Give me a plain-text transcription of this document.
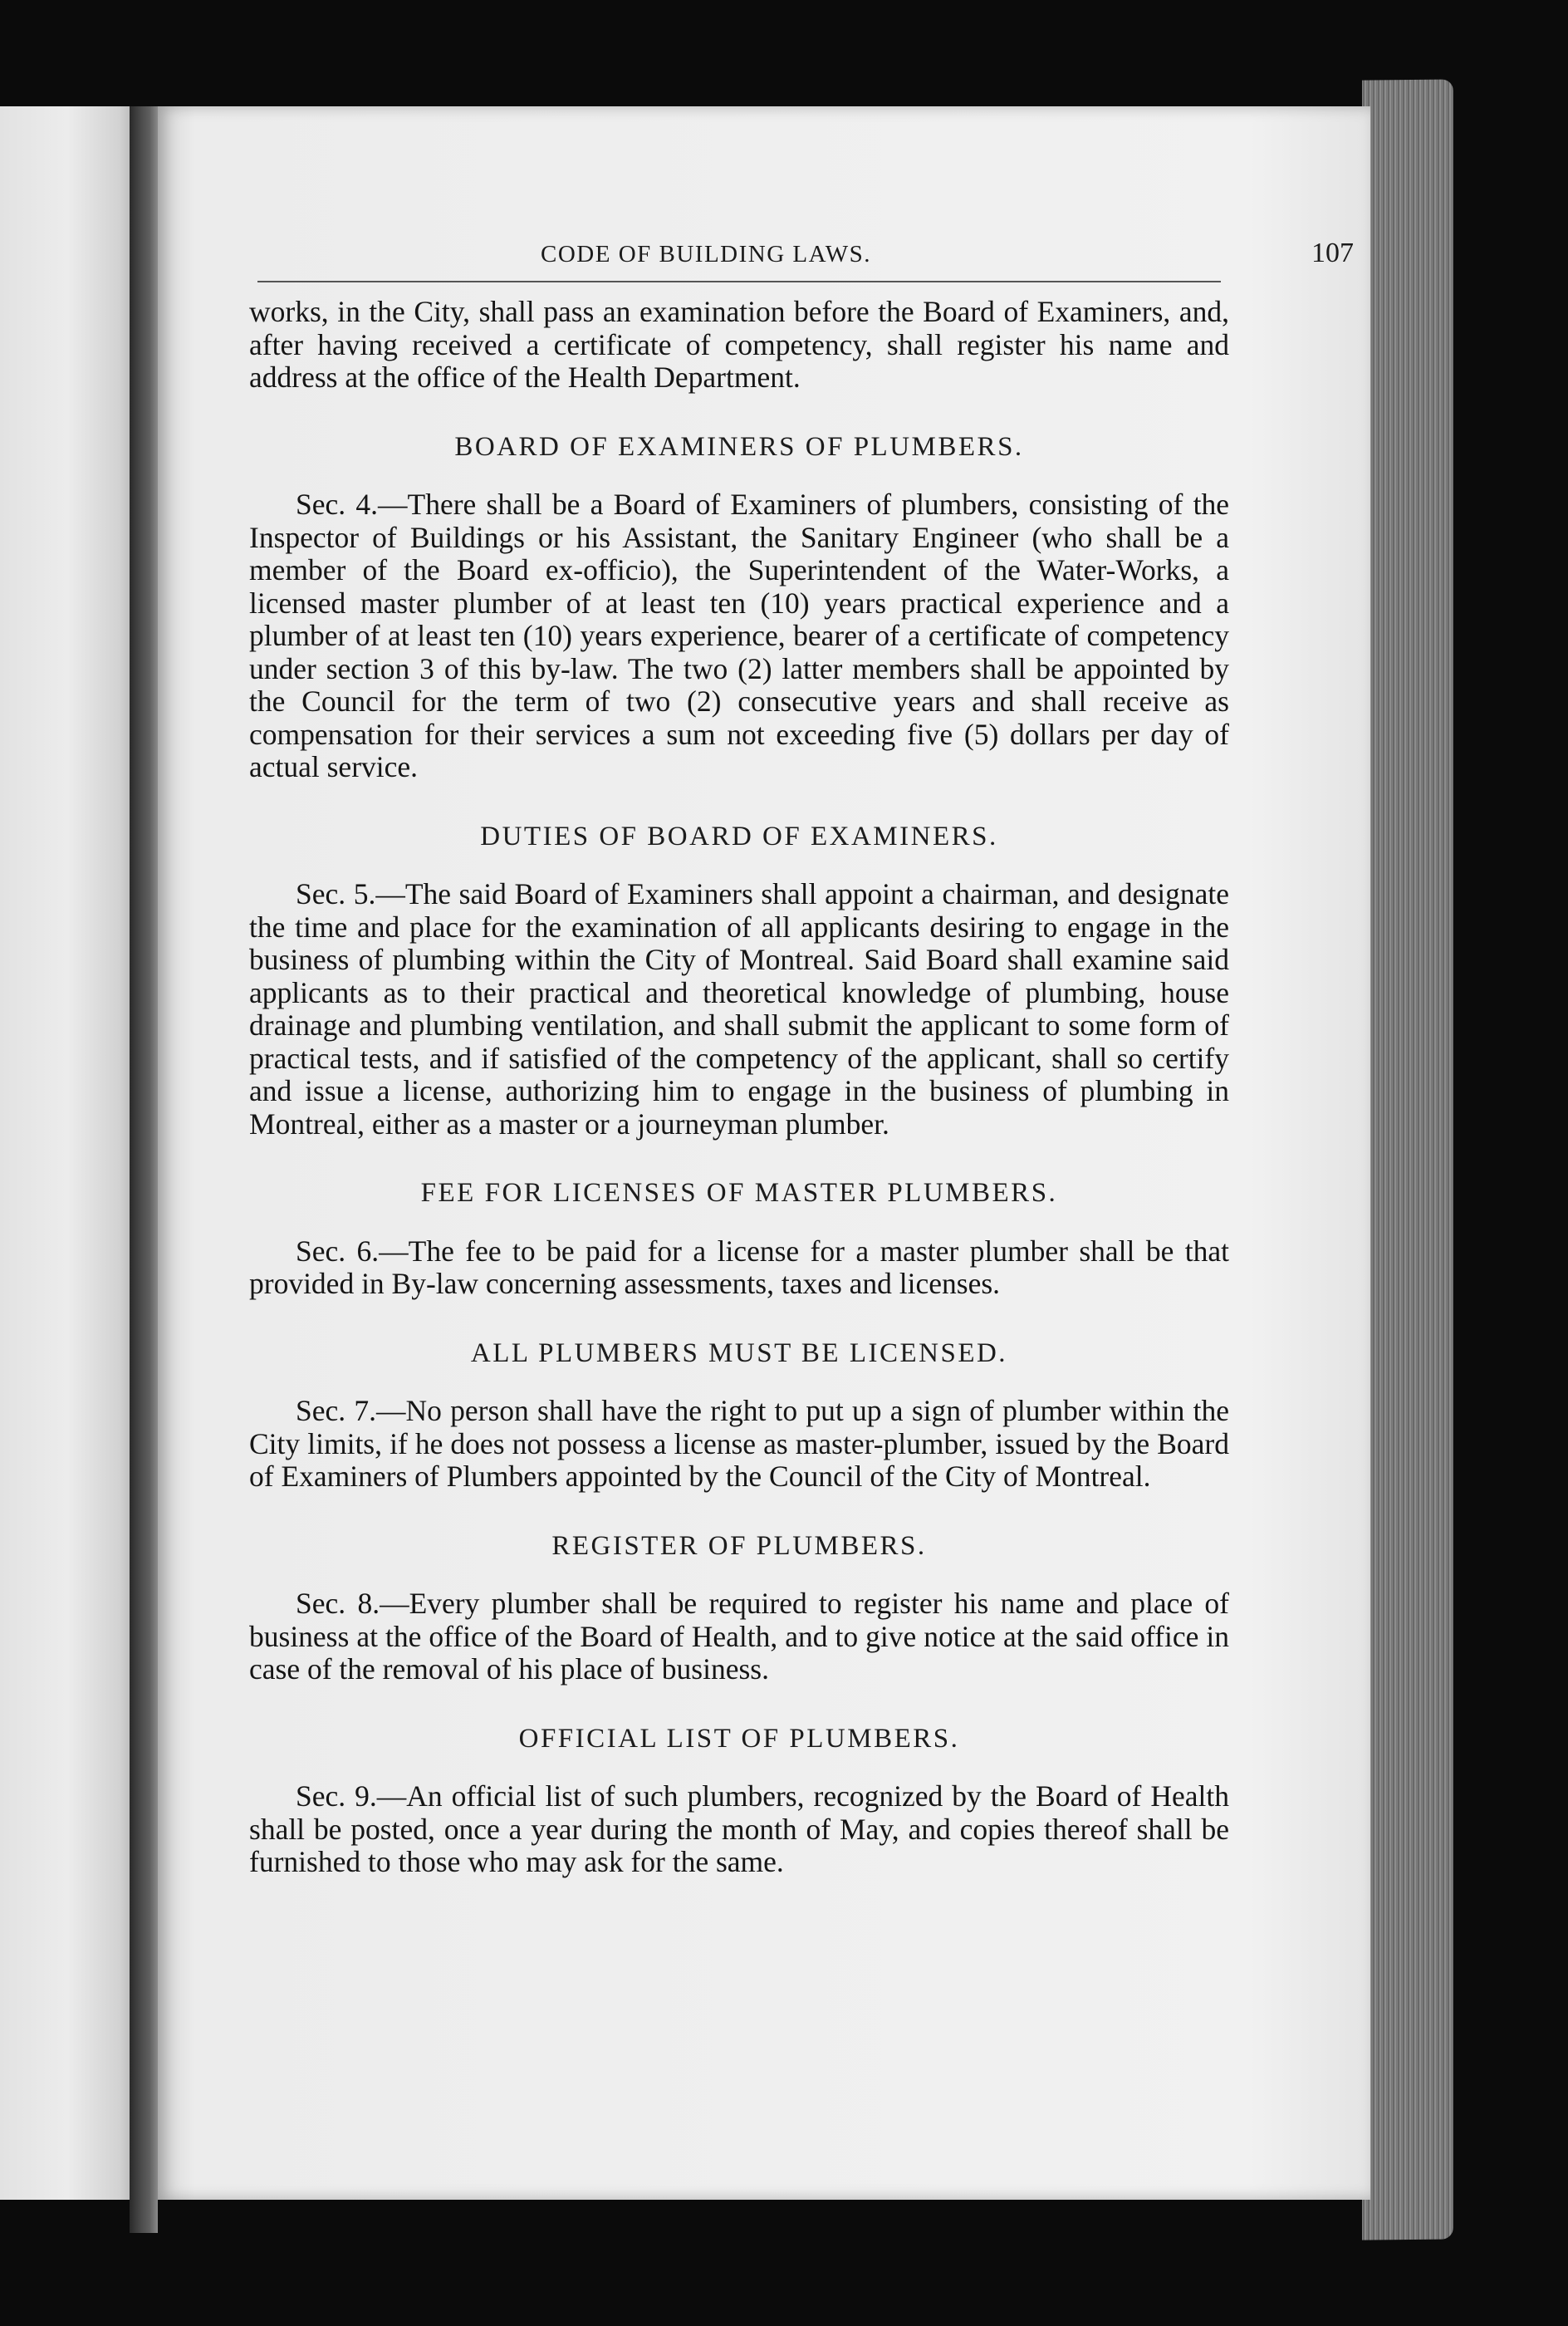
CODE OF BUILDING LAWS.	107

works, in the City, shall pass an examination before the Board of Examiners, and, after having received a certificate of competency, shall register his name and address at the office of the Health Department.

BOARD OF EXAMINERS OF PLUMBERS.

Sec. 4.—There shall be a Board of Examiners of plumbers, consisting of the Inspector of Buildings or his Assistant, the Sanitary Engineer (who shall be a member of the Board ex-officio), the Superintendent of the Water-Works, a licensed master plumber of at least ten (10) years practical experience and a plumber of at least ten (10) years experience, bearer of a certificate of competency under section 3 of this by-law. The two (2) latter members shall be appointed by the Council for the term of two (2) consecutive years and shall receive as compensation for their services a sum not exceeding five (5) dollars per day of actual service.

DUTIES OF BOARD OF EXAMINERS.

Sec. 5.—The said Board of Examiners shall appoint a chairman, and designate the time and place for the examination of all applicants desiring to engage in the business of plumbing within the City of Montreal. Said Board shall examine said applicants as to their practical and theoretical knowledge of plumbing, house drainage and plumbing ventilation, and shall submit the applicant to some form of practical tests, and if satisfied of the competency of the applicant, shall so certify and issue a license, authorizing him to engage in the business of plumbing in Montreal, either as a master or a journeyman plumber.

FEE FOR LICENSES OF MASTER PLUMBERS.

Sec. 6.—The fee to be paid for a license for a master plumber shall be that provided in By-law concerning assessments, taxes and licenses.

ALL PLUMBERS MUST BE LICENSED.

Sec. 7.—No person shall have the right to put up a sign of plumber within the City limits, if he does not possess a license as master-plumber, issued by the Board of Examiners of Plumbers appointed by the Council of the City of Montreal.

REGISTER OF PLUMBERS.

Sec. 8.—Every plumber shall be required to register his name and place of business at the office of the Board of Health, and to give notice at the said office in case of the removal of his place of business.

OFFICIAL LIST OF PLUMBERS.

Sec. 9.—An official list of such plumbers, recognized by the Board of Health shall be posted, once a year during the month of May, and copies thereof shall be furnished to those who may ask for the same.
